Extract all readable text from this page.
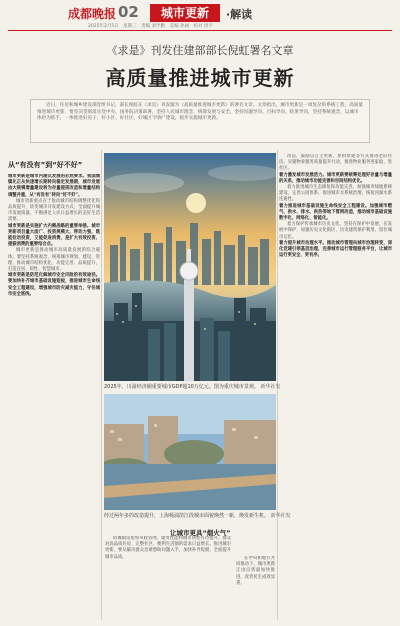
成都晚报 02	城市更新	·解读
2025年2月5日　星期三　责编 刘学勤　美编 孙丽　校对 周宇
《求是》刊发住建部部长倪虹署名文章
高质量推进城市更新
近日，住房和城乡建设部党组书记、部长倪虹在《求是》刊发题为《高质量推进城市更新》的署名文章。文章指出，城市更新是一项复杂的系统工程，高质量推进城市更新，要坚决贯彻落实党中央、国务院决策部署，坚持人民城市理念，统筹发展与安全，坚持问题导向、目标导向、结果导向，坚持系统观念，以城市体检为抓手，一体推进好房子、好小区、好社区、好城区“四好”建设，稳步实施城市更新。
从“有没有”到“好不好”

城市更新是城市内涵式发展的必然要求。我国城镇化正从快速增长期转向稳定发展期，城市发展由大规模增量建设转为存量提质改造和增量结构调整并重，从“有没有”转向“好不好”。

城市更新重点在于推动城市结构调整优化和品质提升，转变城市开发建设方式，全面提升城市发展质量，不断满足人民日益增长的美好生活需要。

城市更新是实施扩大内需战略的重要举措。城市更新项目量大面广、投资规模大、带动力强，既能拉动投资，又能促进消费，是扩大有效投资、提振消费的重要结合点。

城市更新是推动城市高质量发展的综合载体。要坚持系统观念，统筹城市规划、建设、管理，推动城市结构优化、功能完善、品质提升，打造宜居、韧性、智慧城市。

城市更新是防范化解城市安全风险的有效途径。要加快补齐城市基础设施短板，推进城市生命线安全工程建设，增强城市防灾减灾能力，守住城市安全底线。

2025年，川渝经济圈重要城市GDP超10万亿元。图为重庆城市景观。 新华社发
经过两年多的改造提升，上海杨浦滨江段城市面貌焕然一新，焕发新生机。 新华社发

的城镇房屋和市政管网，建筑性能和城市韧性有待提升。群众对高品质住房、完整社区、便利生活圈的需求日益增长。推进城市更新，要从解决群众急难愁盼问题入手，加快补齐短板，全面提升城市品质。

让城市更具“烟火气”

在中央和地方共同推动下，城市更新正由点到面加快推进，改善民生成效显著。

改造，鼓励以自主更新、原拆原建等方式推进老旧住房。实施物业服务质量提升行动，推进物业服务进家庭、进社区。

着力激发城市发展活力。城市更新要统筹处理好存量与增量的关系，推动城市功能完善和空间结构优化。

着力推进城市生态修复和功能完善。加强城市绿地系统建设，完善公园体系，推进城市水系统治理，恢复河湖水系连通性。

着力推进城市基础设施生命线安全工程建设。加强城市燃气、供水、排水、供热等地下管网改造，推动城市基础设施数字化、网络化、智能化。

着力保护传承城市历史文化。坚持在保护中发展、在发展中保护，加强历史文化街区、历史建筑保护利用，留住城市记忆。

着力提升城市治理水平。推动城市管理向城市治理转变，深化党建引领基层治理，完善城市运行管理服务平台，让城市运行更安全、更有序。
